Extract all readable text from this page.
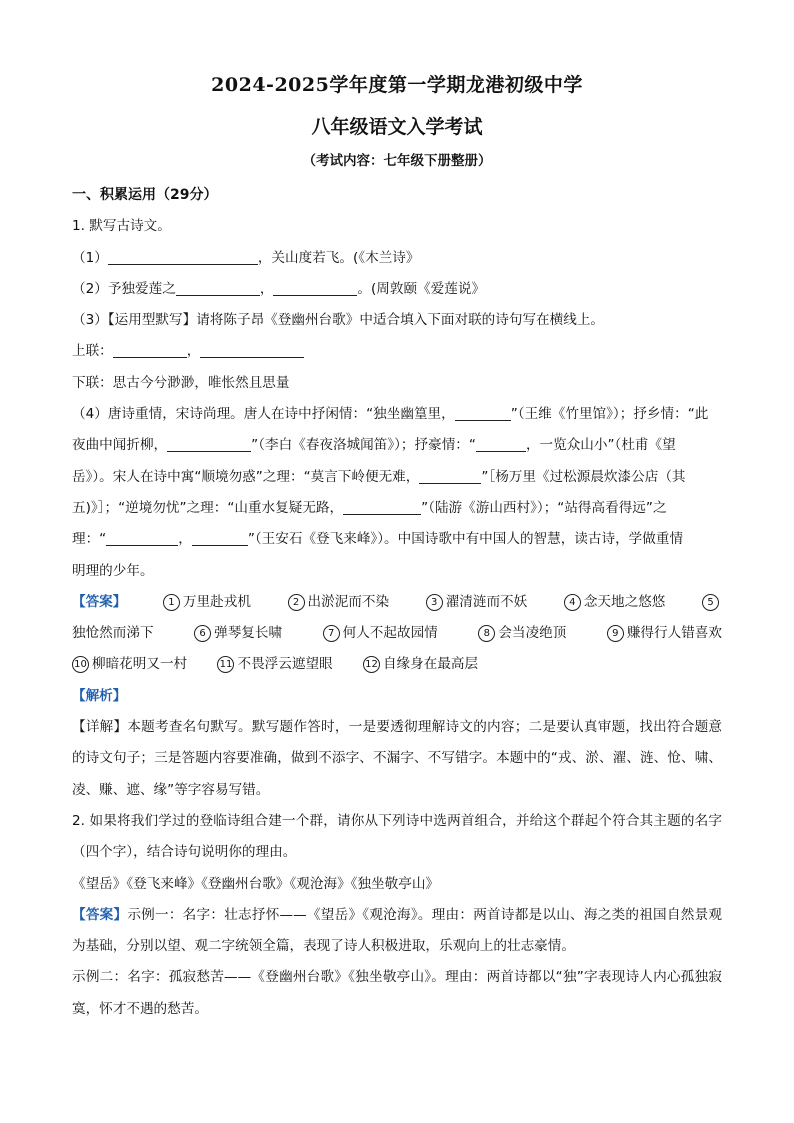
2024-2025学年度第一学期龙港初级中学
八年级语文入学考试
（考试内容：七年级下册整册）

一、积累运用（29分）

1. 默写古诗文。

（1）	，关山度若飞。(《木兰诗》

（2）予独爱莲之	，	。(周敦颐《爱莲说》

（3）【运用型默写】请将陈子昂《登幽州台歌》中适合填入下面对联的诗句写在横线上。

上联：	，

下联：思古今兮渺渺，唯怅然且思量

（4）唐诗重情，宋诗尚理。唐人在诗中抒闲情：“独坐幽篁里，	”（王维《竹里馆》）；抒乡情：“此

夜曲中闻折柳，	”（李白《春夜洛城闻笛》）；抒豪情：“	，一览众山小”（杜甫《望

岳》）。宋人在诗中寓“顺境勿惑”之理：“莫言下岭便无难，	”［杨万里《过松源晨炊漆公店（其

五)》］；“逆境勿忧”之理：“山重水复疑无路，	”（陆游《游山西村》）；“站得高看得远”之

理：“	，	”（王安石《登飞来峰》）。中国诗歌中有中国人的智慧，读古诗，学做重情

明理的少年。

【答案】	1 万里赴戎机	2 出淤泥而不染	3 濯清涟而不妖	4 念天地之悠悠	5
独怆然而涕下	6 弹琴复长啸	7 何人不起故园情	8 会当凌绝顶	9 赚得行人错喜欢
10 柳暗花明又一村	11 不畏浮云遮望眼	12 自缘身在最高层

【解析】

【详解】本题考查名句默写。默写题作答时，一是要透彻理解诗文的内容；二是要认真审题，找出符合题意的诗文句子；三是答题内容要准确，做到不添字、不漏字、不写错字。本题中的“戎、淤、濯、涟、怆、啸、凌、赚、遮、缘”等字容易写错。

2. 如果将我们学过的登临诗组合建一个群，请你从下列诗中选两首组合，并给这个群起个符合其主题的名字（四个字），结合诗句说明你的理由。

《望岳》《登飞来峰》《登幽州台歌》《观沧海》《独坐敬亭山》

【答案】示例一：名字：壮志抒怀——《望岳》《观沧海》。理由：两首诗都是以山、海之类的祖国自然景观为基础，分别以望、观二字统领全篇，表现了诗人积极进取，乐观向上的壮志豪情。

示例二：名字：孤寂愁苦——《登幽州台歌》《独坐敬亭山》。理由：两首诗都以“独”字表现诗人内心孤独寂寞，怀才不遇的愁苦。
